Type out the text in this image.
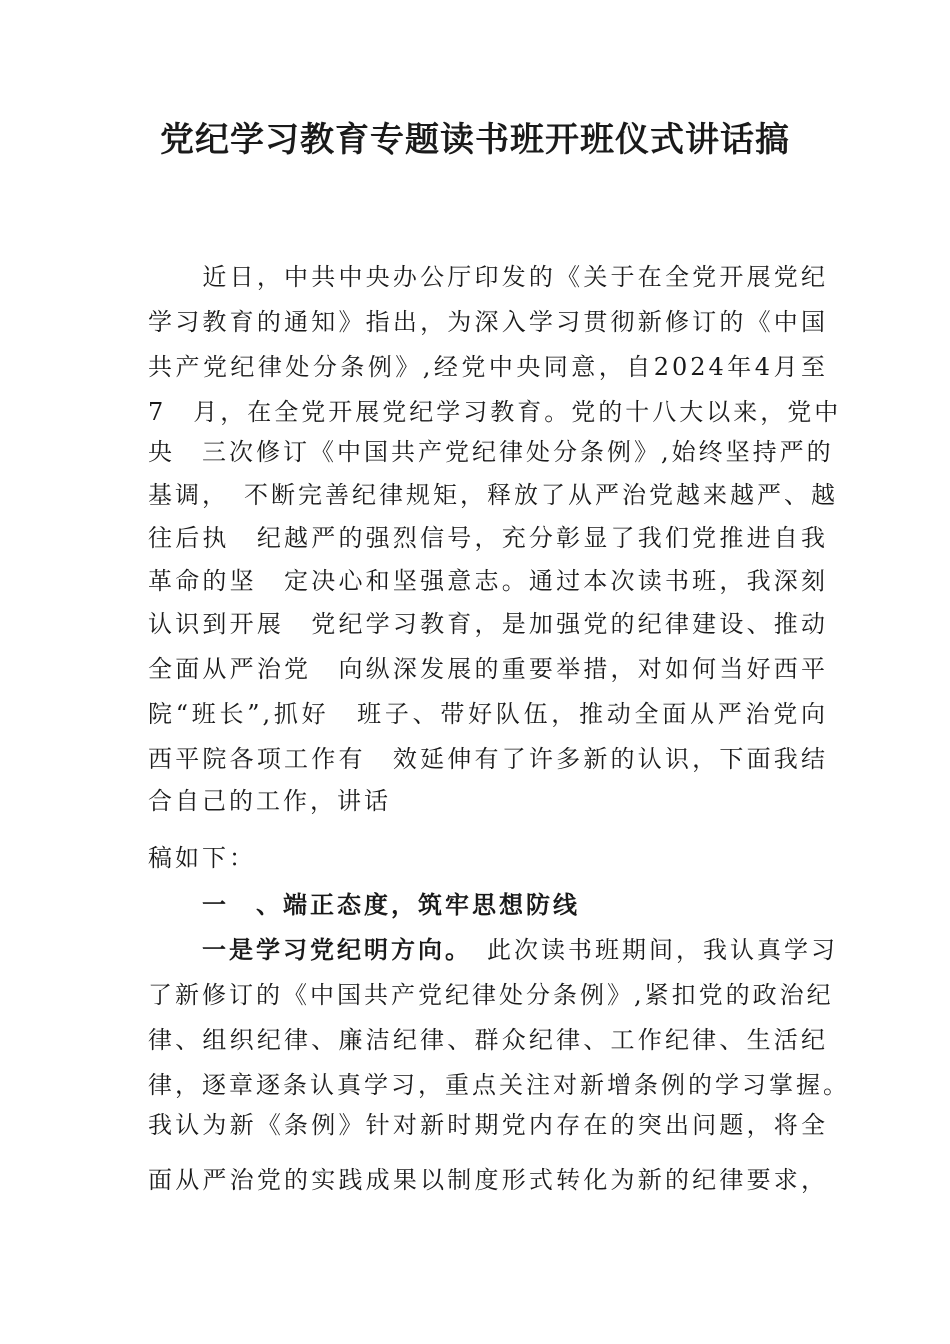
党纪学习教育专题读书班开班仪式讲话搞
　　近日，中共中央办公厅印发的《关于在全党开展党纪
学习教育的通知》指出，为深入学习贯彻新修订的《中国
共产党纪律处分条例》,经党中央同意，自2024年4月至
7　月，在全党开展党纪学习教育。党的十八大以来，党中
央　三次修订《中国共产党纪律处分条例》,始终坚持严的
基调，　不断完善纪律规矩，释放了从严治党越来越严、越
往后执　纪越严的强烈信号，充分彰显了我们党推进自我
革命的坚　定决心和坚强意志。通过本次读书班，我深刻
认识到开展　党纪学习教育，是加强党的纪律建设、推动
全面从严治党　向纵深发展的重要举措，对如何当好西平
院“班长”,抓好　班子、带好队伍，推动全面从严治党向
西平院各项工作有　效延伸有了许多新的认识，下面我结
合自己的工作，讲话
稿如下：
　　一　、端正态度，筑牢思想防线
　　一是学习党纪明方向。　此次读书班期间，我认真学习
了新修订的《中国共产党纪律处分条例》,紧扣党的政治纪
律、组织纪律、廉洁纪律、群众纪律、工作纪律、生活纪
律，逐章逐条认真学习，重点关注对新增条例的学习掌握。
我认为新《条例》针对新时期党内存在的突出问题，将全
面从严治党的实践成果以制度形式转化为新的纪律要求，
